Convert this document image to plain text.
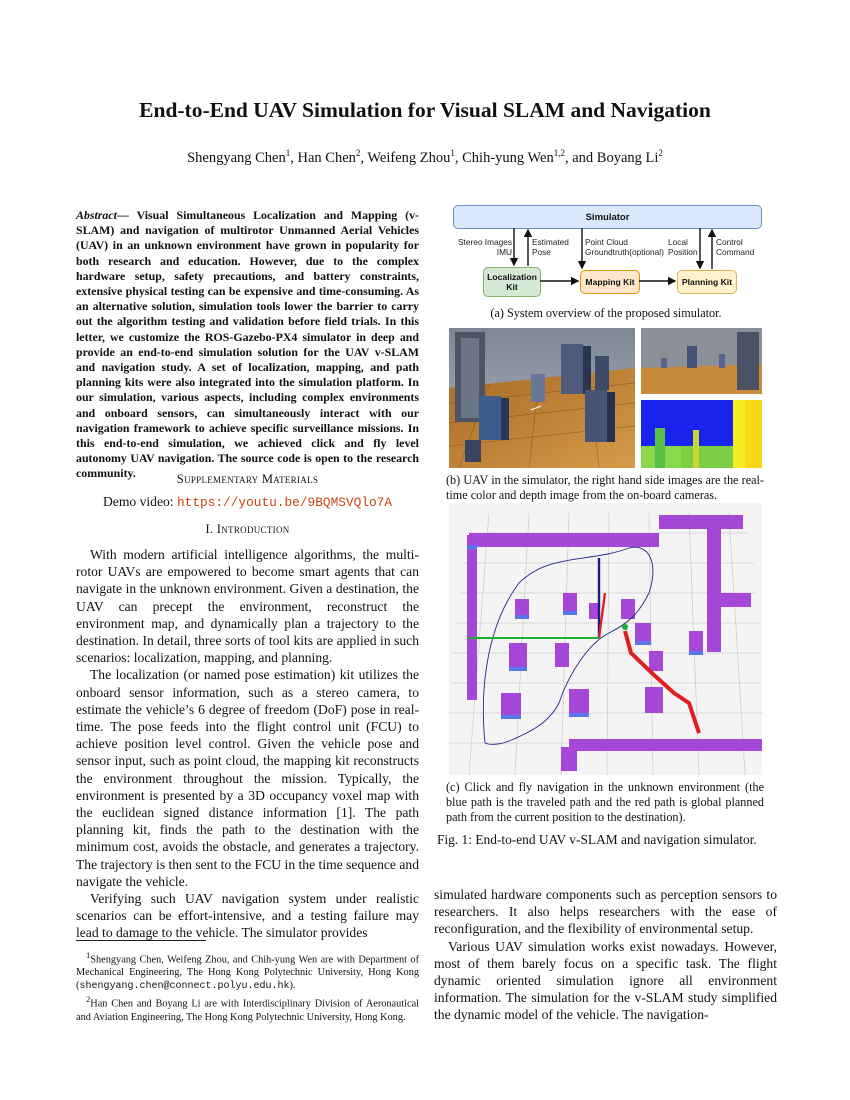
End-to-End UAV Simulation for Visual SLAM and Navigation
Shengyang Chen$^1$, Han Chen$^2$, Weifeng Zhou$^1$, Chih-yung Wen$^{1,2}$, and Boyang Li$^2$
Abstract— Visual Simultaneous Localization and Mapping (v-SLAM) and navigation of multirotor Unmanned Aerial Vehicles (UAV) in an unknown environment have grown in popularity for both research and education. However, due to the complex hardware setup, safety precautions, and battery constraints, extensive physical testing can be expensive and time-consuming. As an alternative solution, simulation tools lower the barrier to carry out the algorithm testing and validation before field trials. In this letter, we customize the ROS-Gazebo-PX4 simulator in deep and provide an end-to-end simulation solution for the UAV v-SLAM and navigation study. A set of localization, mapping, and path planning kits were also integrated into the simulation platform. In our simulation, various aspects, including complex environments and onboard sensors, can simultaneously interact with our navigation framework to achieve specific surveillance missions. In this end-to-end simulation, we achieved click and fly level autonomy UAV navigation. The source code is open to the research community.	Supplementary Materials
Demo video: https://youtu.be/9BQMSVQlo7A
I. Introduction

With modern artificial intelligence algorithms, the multi-rotor UAVs are empowered to become smart agents that can navigate in the unknown environment. Given a destination, the UAV can precept the environment, reconstruct the environment map, and dynamically plan a trajectory to the destination. In detail, three sorts of tool kits are applied in such scenarios: localization, mapping, and planning.

The localization (or named pose estimation) kit utilizes the onboard sensor information, such as a stereo camera, to estimate the vehicle’s 6 degree of freedom (DoF) pose in real-time. The pose feeds into the flight control unit (FCU) to achieve position level control. Given the vehicle pose and sensor input, such as point cloud, the mapping kit reconstructs the environment throughout the mission. Typically, the environment is presented by a 3D occupancy voxel map with the euclidean signed distance information [1]. The path planning kit, finds the path to the destination with the minimum cost, avoids the obstacle, and generates a trajectory. The trajectory is then sent to the FCU in the time sequence and navigate the vehicle.

Verifying such UAV navigation system under realistic scenarios can be effort-intensive, and a testing failure may lead to damage to the vehicle. The simulator provides

$^1$Shengyang Chen, Weifeng Zhou, and Chih-yung Wen are with Department of Mechanical Engineering, The Hong Kong Polytechnic University, Hong Kong (shengyang.chen@connect.polyu.edu.hk).

$^2$Han Chen and Boyang Li are with Interdisciplinary Division of Aeronautical and Aviation Engineering, The Hong Kong Polytechnic University, Hong Kong.

simulated hardware components such as perception sensors to researchers. It also helps researchers with the ease of reconfiguration, and the flexibility of environmental setup.

Various UAV simulation works exist nowadays. However, most of them barely focus on a specific task. The flight dynamic oriented simulation ignore all environment information. The simulation for the v-SLAM study simplified the dynamic model of the vehicle. The navigation-

Simulator
Localization Kit	Mapping Kit	Planning Kit
Stereo Images
IMU
Estimated
Pose
Point Cloud
Groundtruth(optional)
Local
Position
Control
Command
(a) System overview of the proposed simulator.
(b) UAV in the simulator, the right hand side images are the real-time color and depth image from the on-board cameras.
(c) Click and fly navigation in the unknown environment (the blue path is the traveled path and the red path is global planned path from the current position to the destination).
Fig. 1: End-to-end UAV v-SLAM and navigation simulator.
